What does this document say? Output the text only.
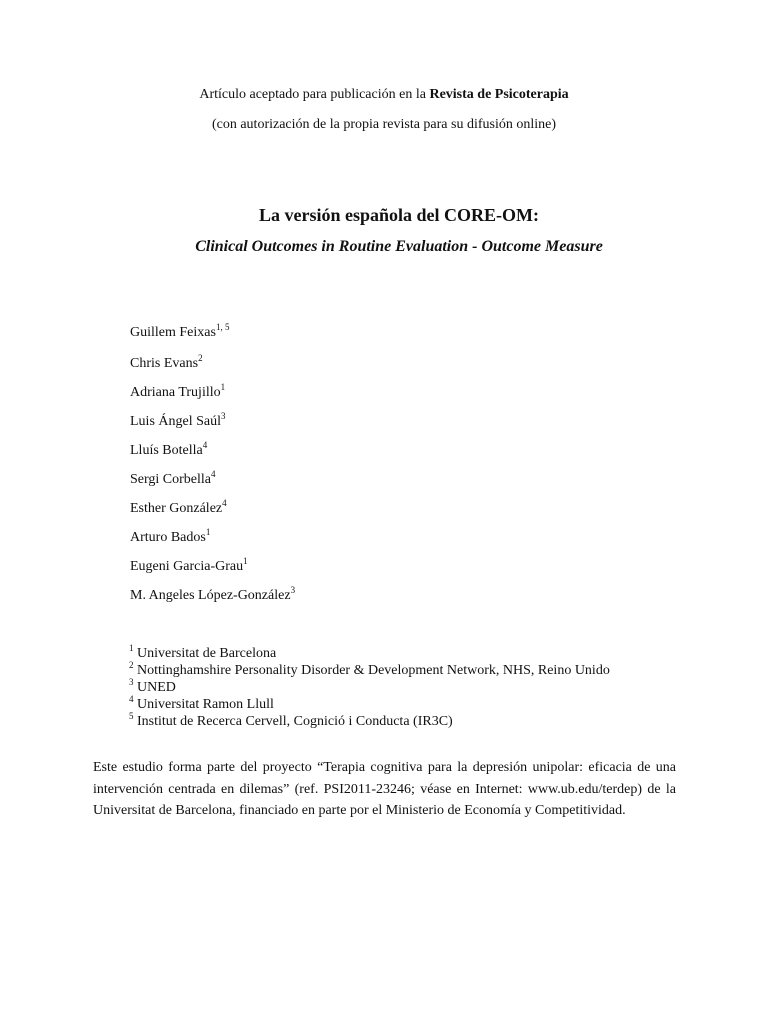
Artículo aceptado para publicación en la Revista de Psicoterapia
(con autorización de la propia revista para su difusión online)
La versión española del CORE-OM:
Clinical Outcomes in Routine Evaluation - Outcome Measure
Guillem Feixas$^{1, 5}$
Chris Evans$^2$
Adriana Trujillo$^1$
Luis Ángel Saúl$^3$
Lluís Botella$^4$
Sergi Corbella$^4$
Esther González$^4$
Arturo Bados$^1$
Eugeni Garcia-Grau$^1$
M. Angeles López-González$^3$
$^1$ Universitat de Barcelona
$^2$ Nottinghamshire Personality Disorder & Development Network, NHS, Reino Unido
$^3$ UNED
$^4$ Universitat Ramon Llull
$^5$ Institut de Recerca Cervell, Cognició i Conducta (IR3C)
Este estudio forma parte del proyecto “Terapia cognitiva para la depresión unipolar: eficacia de una intervención centrada en dilemas” (ref. PSI2011-23246; véase en Internet: www.ub.edu/terdep) de la Universitat de Barcelona, financiado en parte por el Ministerio de Economía y Competitividad.
